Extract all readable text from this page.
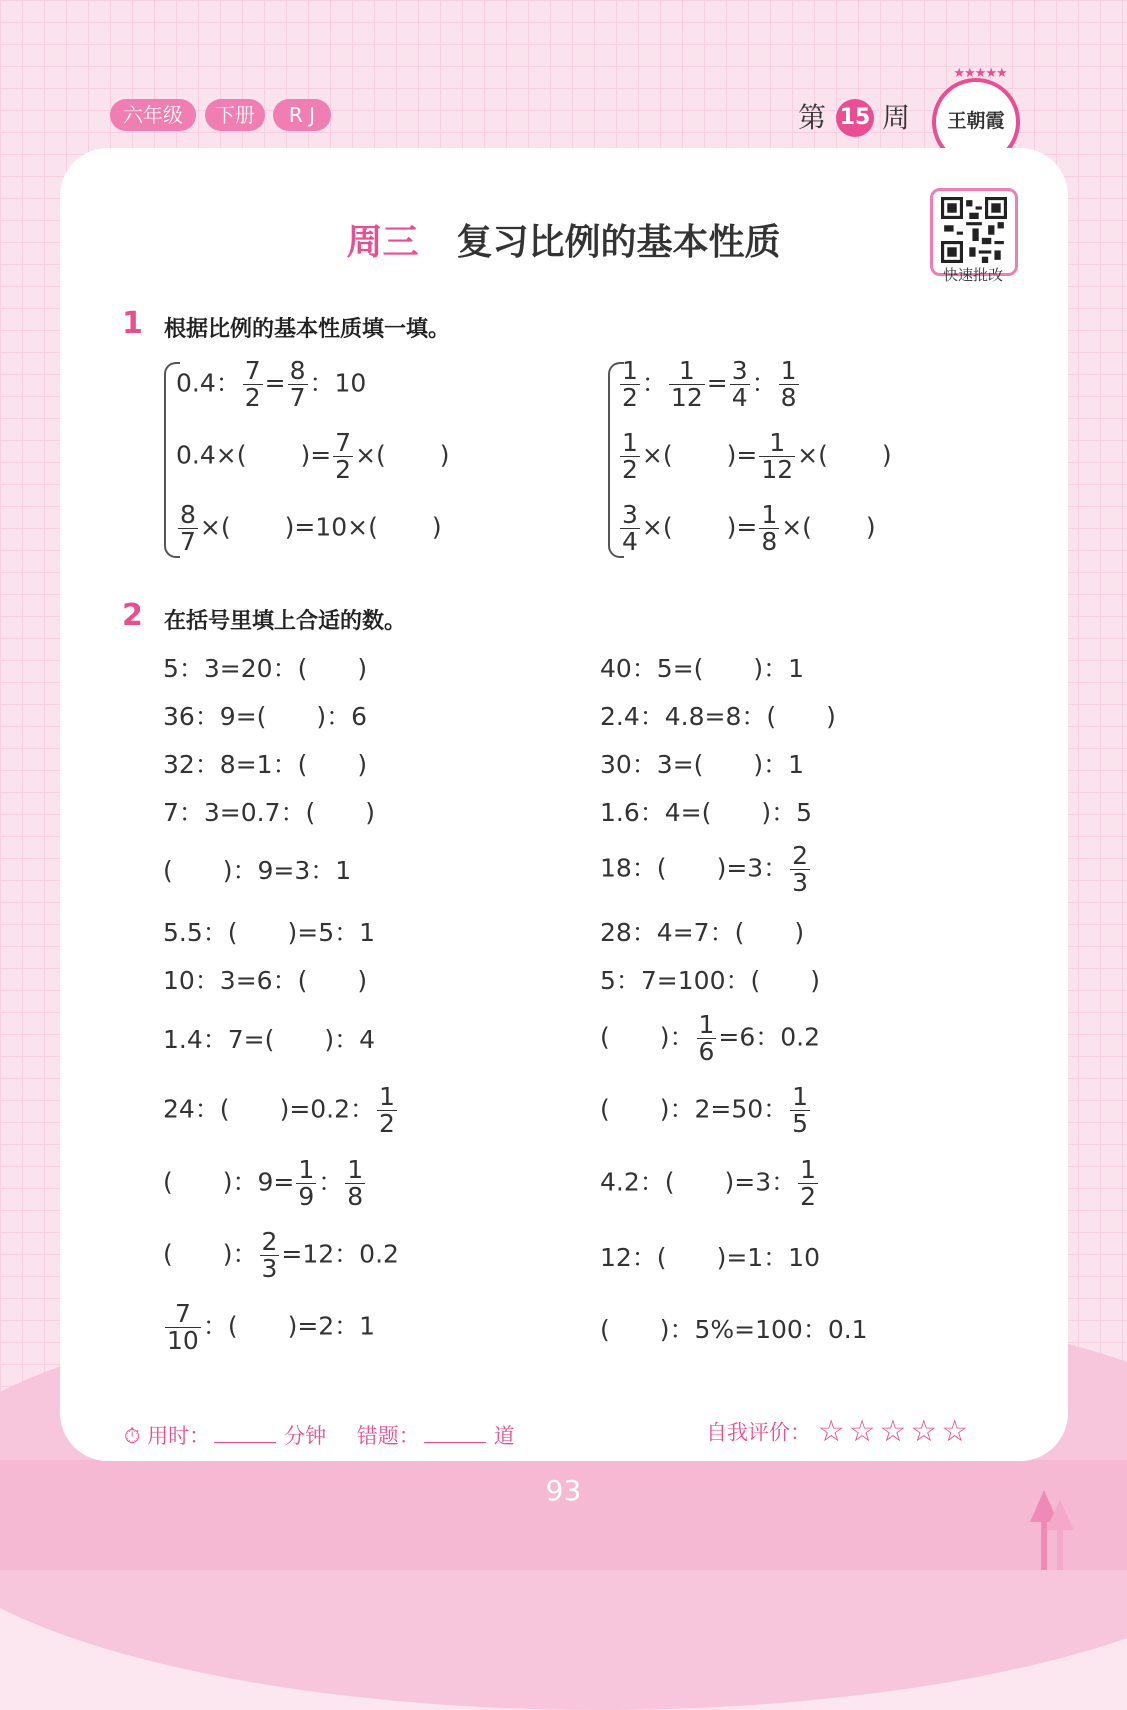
六年级	下册	R J	第 15 周
★★★★★
王朝霞
快速批改
周三 复习比例的基本性质
1 根据比例的基本性质填一填。
0.4： $\frac{7}{2} = \frac{8}{7}$ ：10
0.4×( )= $\frac{7}{2}$ ×( )
$\frac{8}{7}$ ×( )=10×( )
$\frac{1}{2}$ ： $\frac{1}{12} = \frac{3}{4}$ ： $\frac{1}{8}$
$\frac{1}{2}$ ×( )= $\frac{1}{12}$ ×( )
$\frac{3}{4}$ ×( )= $\frac{1}{8}$ ×( )
2 在括号里填上合适的数。
5：3=20：(　　)
36：9=(　　)：6
32：8=1：(　　)
7：3=0.7：(　　)
(　　)：9=3：1
5.5：(　　)=5：1
10：3=6：(　　)
1.4：7=(　　)：4
24：(　　)=0.2： $\frac{1}{2}$
(　　)：$9= \frac{1}{9}$ ： $\frac{1}{8}$
(　　)： $\frac{2}{3} =12$：0.2
$\frac{7}{10}$ ：(　　)=2：1
40：5=(　　)：1
2.4：4.8=8：(　　)
30：3=(　　)：1
1.6：4=(　　)：5
18：(　　)=3： $\frac{2}{3}$
28：4=7：(　　)
5：7=100：(　　)
(　　)： $\frac{1}{6} =6$：0.2
(　　)：2=50： $\frac{1}{5}$
4.2：(　　)=3： $\frac{1}{2}$
12：(　　)=1：10
(　　)：5%=100：0.1
⏱ 用时：	分钟 错题：	道	自我评价： ☆☆☆☆☆
93
